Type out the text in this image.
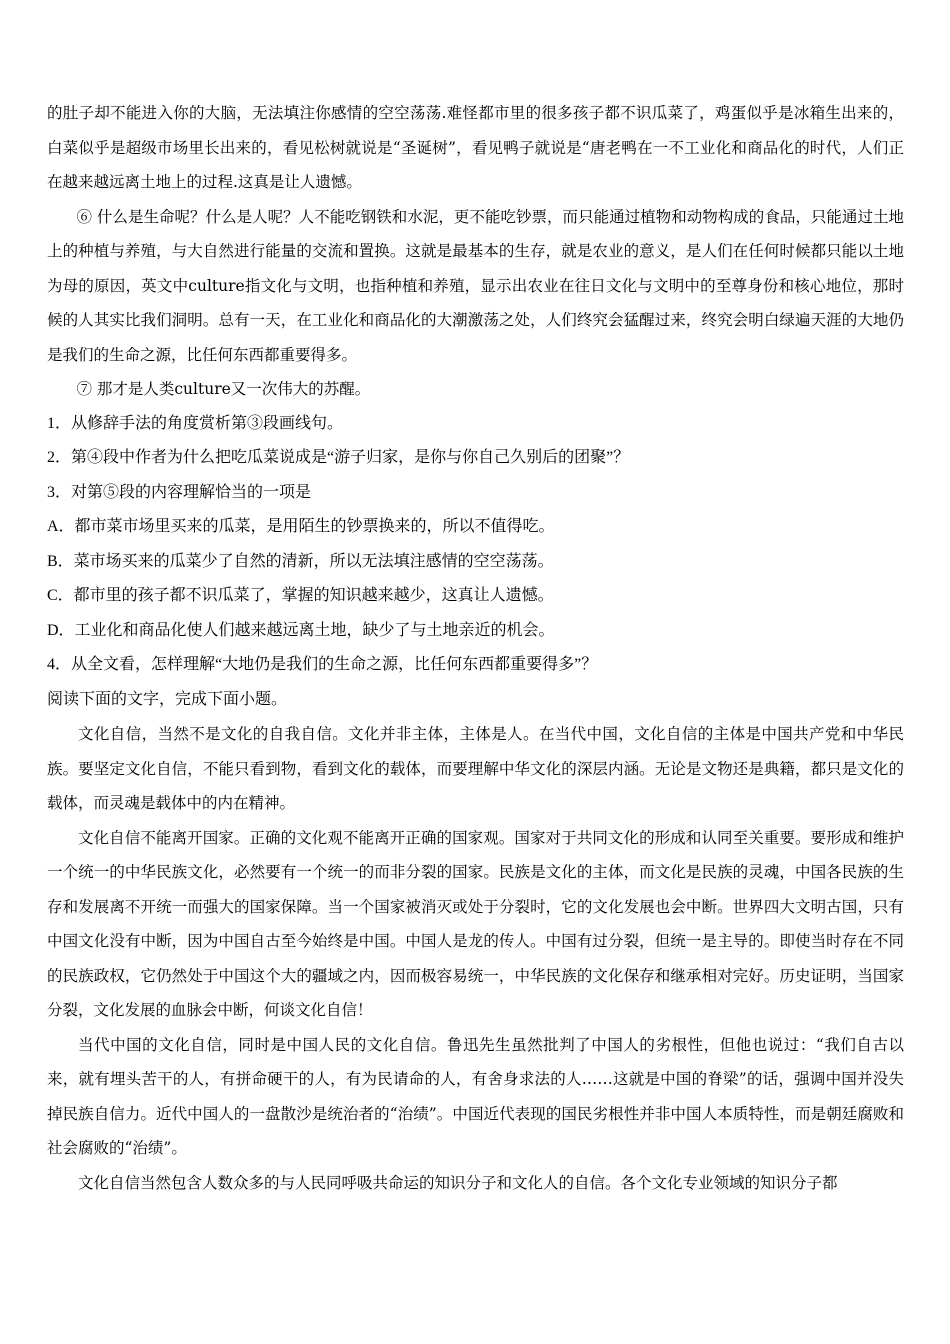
的肚子却不能进入你的大脑，无法填注你感情的空空荡荡.难怪都市里的很多孩子都不识瓜菜了，鸡蛋似乎是冰箱生出来的，白菜似乎是超级市场里长出来的，看见松树就说是“圣诞树”，看见鸭子就说是“唐老鸭在一不工业化和商品化的时代，人们正在越来越远离土地上的过程.这真是让人遗憾。

⑥ 什么是生命呢？什么是人呢？人不能吃钢铁和水泥，更不能吃钞票，而只能通过植物和动物构成的食品，只能通过土地上的种植与养殖，与大自然进行能量的交流和置换。这就是最基本的生存，就是农业的意义，是人们在任何时候都只能以土地为母的原因，英文中culture指文化与文明，也指种植和养殖，显示出农业在往日文化与文明中的至尊身份和核心地位，那时候的人其实比我们洞明。总有一天，在工业化和商品化的大潮激荡之处，人们终究会猛醒过来，终究会明白绿遍天涯的大地仍是我们的生命之源，比任何东西都重要得多。

⑦ 那才是人类culture又一次伟大的苏醒。

1．从修辞手法的角度赏析第③段画线句。

2．第④段中作者为什么把吃瓜菜说成是“游子归家，是你与你自己久别后的团聚”？

3．对第⑤段的内容理解恰当的一项是

A．都市菜市场里买来的瓜菜，是用陌生的钞票换来的，所以不值得吃。

B．菜市场买来的瓜菜少了自然的清新，所以无法填注感情的空空荡荡。

C．都市里的孩子都不识瓜菜了，掌握的知识越来越少，这真让人遗憾。

D．工业化和商品化使人们越来越远离土地，缺少了与土地亲近的机会。

4．从全文看，怎样理解“大地仍是我们的生命之源，比任何东西都重要得多”？

阅读下面的文字，完成下面小题。

文化自信，当然不是文化的自我自信。文化并非主体，主体是人。在当代中国，文化自信的主体是中国共产党和中华民族。要坚定文化自信，不能只看到物，看到文化的载体，而要理解中华文化的深层内涵。无论是文物还是典籍，都只是文化的载体，而灵魂是载体中的内在精神。

文化自信不能离开国家。正确的文化观不能离开正确的国家观。国家对于共同文化的形成和认同至关重要。要形成和维护一个统一的中华民族文化，必然要有一个统一的而非分裂的国家。民族是文化的主体，而文化是民族的灵魂，中国各民族的生存和发展离不开统一而强大的国家保障。当一个国家被消灭或处于分裂时，它的文化发展也会中断。世界四大文明古国，只有中国文化没有中断，因为中国自古至今始终是中国。中国人是龙的传人。中国有过分裂，但统一是主导的。即使当时存在不同的民族政权，它仍然处于中国这个大的疆域之内，因而极容易统一，中华民族的文化保存和继承相对完好。历史证明，当国家分裂，文化发展的血脉会中断，何谈文化自信！

当代中国的文化自信，同时是中国人民的文化自信。鲁迅先生虽然批判了中国人的劣根性，但他也说过：“我们自古以来，就有埋头苦干的人，有拼命硬干的人，有为民请命的人，有舍身求法的人……这就是中国的脊梁”的话，强调中国并没失掉民族自信力。近代中国人的一盘散沙是统治者的“治绩”。中国近代表现的国民劣根性并非中国人本质特性，而是朝廷腐败和社会腐败的“治绩”。

文化自信当然包含人数众多的与人民同呼吸共命运的知识分子和文化人的自信。各个文化专业领域的知识分子都
